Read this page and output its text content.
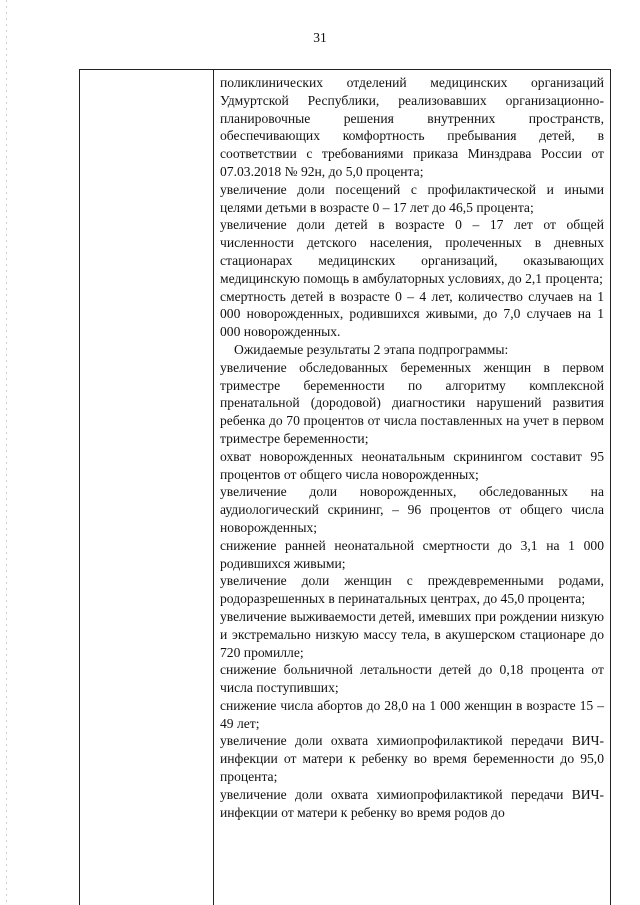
31

поликлинических отделений медицинских организаций Удмуртской Республики, реализовавших организационно-планировочные решения внутренних пространств, обеспечивающих комфортность пребывания детей, в соответствии с требованиями приказа Минздрава России от 07.03.2018 № 92н, до 5,0 процента;

увеличение доли посещений с профилактической и иными целями детьми в возрасте 0 – 17 лет до 46,5 процента;

увеличение доли детей в возрасте 0 – 17 лет от общей численности детского населения, пролеченных в дневных стационарах медицинских организаций, оказывающих медицинскую помощь в амбулаторных условиях, до 2,1 процента;

смертность детей в возрасте 0 – 4 лет, количество случаев на 1 000 новорожденных, родившихся живыми, до 7,0 случаев на 1 000 новорожденных.

Ожидаемые результаты 2 этапа подпрограммы:

увеличение обследованных беременных женщин в первом триместре беременности по алгоритму комплексной пренатальной (дородовой) диагностики нарушений развития ребенка до 70 процентов от числа поставленных на учет в первом триместре беременности;

охват новорожденных неонатальным скринингом составит 95 процентов от общего числа новорожденных;

увеличение доли новорожденных, обследованных на аудиологический скрининг, – 96 процентов от общего числа новорожденных;

снижение ранней неонатальной смертности до 3,1 на 1 000 родившихся живыми;

увеличение доли женщин с преждевременными родами, родоразрешенных в перинатальных центрах, до 45,0 процента;

увеличение выживаемости детей, имевших при рождении низкую и экстремально низкую массу тела, в акушерском стационаре до 720 промилле;

снижение больничной летальности детей до 0,18 процента от числа поступивших;

снижение числа абортов до 28,0 на 1 000 женщин в возрасте 15 – 49 лет;

увеличение доли охвата химиопрофилактикой передачи ВИЧ-инфекции от матери к ребенку во время беременности до 95,0 процента;

увеличение доли охвата химиопрофилактикой передачи ВИЧ-инфекции от матери к ребенку во время родов до
